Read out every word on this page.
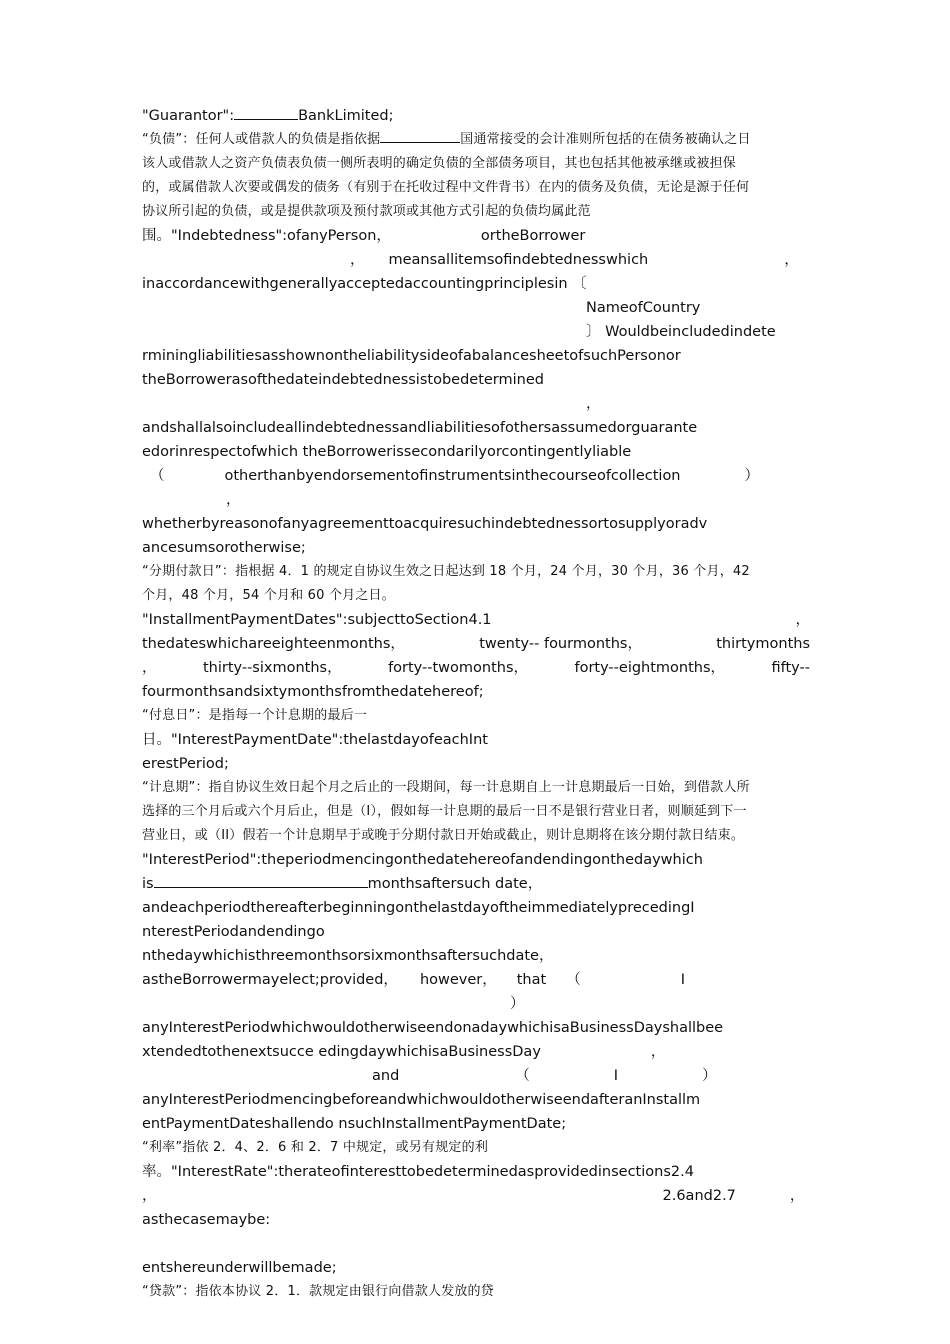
"Guarantor":	BankLimited;
“负债”：任何人或借款人的负债是指依据	国通常接受的会计准则所包括的在债务被确认之日
该人或借款人之资产负债表负债一侧所表明的确定负债的全部债务项目，其也包括其他被承继或被担保
的，或属借款人次要或偶发的债务（有别于在托收过程中文件背书）在内的债务及负债，无论是源于任何
协议所引起的负债，或是提供款项及预付款项或其他方式引起的负债均属此范
围。"Indebtedness":ofanyPerson，	ortheBorrower
， meansallitemsofindebtednesswhich	，
inaccordancewithgenerallyacceptedaccountingprinciplesin 〔
NameofCountry
〕 Wouldbeincludedindete
rminingliabilitiesasshownontheliabilitysideofabalancesheetofsuchPersonor
theBorrowerasofthedateindebtednessistobedetermined
，
andshallalsoincludeallindebtednessandliabilitiesofothersassumedorguarante
edorinrespectofwhich theBorrowerissecondarilyorcontingentlyliable
（	otherthanbyendorsementofinstrumentsinthecourseofcollection	）
，
whetherbyreasonofanyagreementtoacquiresuchindebtednessortosupplyoradv
ancesumsorotherwise;
“分期付款日”：指根据 4．1 的规定自协议生效之日起达到 18 个月，24 个月，30 个月，36 个月，42
个月，48 个月，54 个月和 60 个月之日。
"InstallmentPaymentDates":subjecttoSection4.1	，
thedateswhichareeighteenmonths，	twenty-- fourmonths，	thirtymonths
，	thirty--sixmonths，	forty--twomonths，	forty--eightmonths，	fifty--
fourmonthsandsixtymonthsfromthedatehereof;
“付息日”：是指每一个计息期的最后一
日。"InterestPaymentDate":thelastdayofeachInt
erestPeriod;
“计息期”：指自协议生效日起个月之后止的一段期间，每一计息期自上一计息期最后一日始，到借款人所
选择的三个月后或六个月后止，但是（I），假如每一计息期的最后一日不是银行营业日者，则顺延到下一
营业日，或（II）假若一个计息期早于或晚于分期付款日开始或截止，则计息期将在该分期付款日结束。
"InterestPeriod":theperiodmencingonthedatehereofandendingonthedaywhich
is	monthsaftersuch date，
andeachperiodthereafterbeginningonthelastdayoftheimmediatelyprecedingI
nterestPeriodandendingo
nthedaywhichisthreemonthsorsixmonthsaftersuchdate，
astheBorrowermayelect;provided， however， that （	I
）
anyInterestPeriodwhichwouldotherwiseendonadaywhichisaBusinessDayshallbee
xtendedtothenextsucce edingdaywhichisaBusinessDay	，
and	（	I	）
anyInterestPeriodmencingbeforeandwhichwouldotherwiseendafteranInstallm
entPaymentDateshallendo nsuchInstallmentPaymentDate;
“利率”指依 2．4、2．6 和 2．7 中规定，或另有规定的利
率。"InterestRate":therateofinteresttobedeterminedasprovidedinsections2.4
，	2.6and2.7	，
asthecasemaybe:
entshereunderwillbemade;
“贷款”：指依本协议 2．1．款规定由银行向借款人发放的贷
